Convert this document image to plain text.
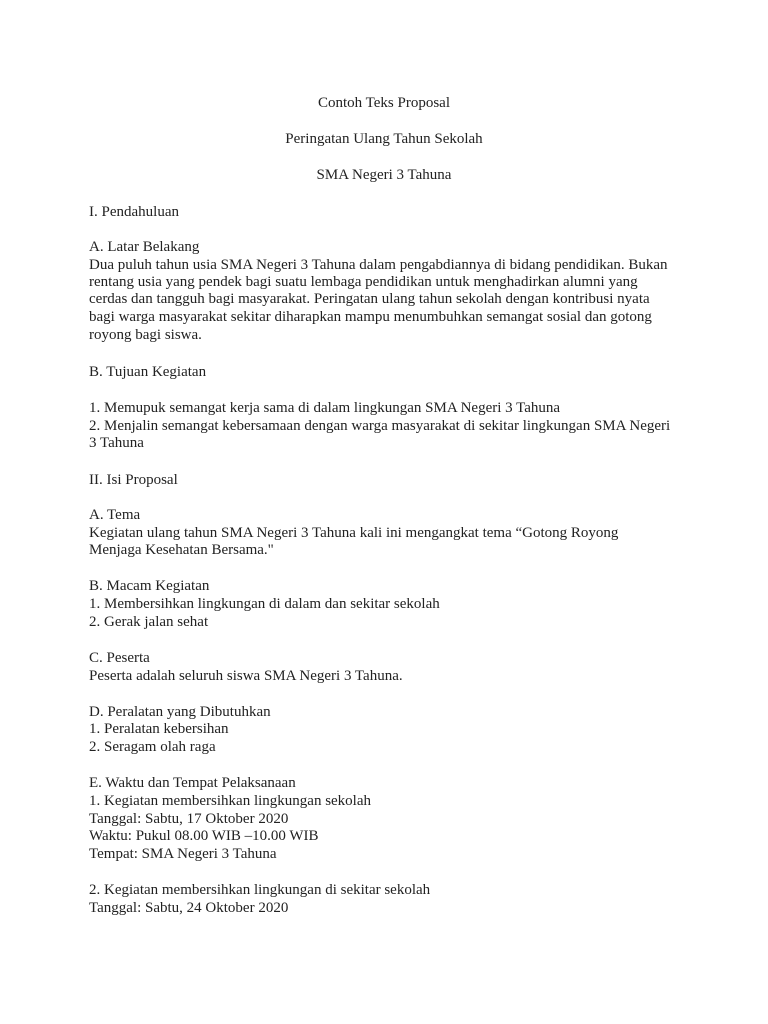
Contoh Teks Proposal
Peringatan Ulang Tahun Sekolah
SMA Negeri 3 Tahuna
I. Pendahuluan
A. Latar Belakang
Dua puluh tahun usia SMA Negeri 3 Tahuna dalam pengabdiannya di bidang pendidikan. Bukan
rentang usia yang pendek bagi suatu lembaga pendidikan untuk menghadirkan alumni yang
cerdas dan tangguh bagi masyarakat. Peringatan ulang tahun sekolah dengan kontribusi nyata
bagi warga masyarakat sekitar diharapkan mampu menumbuhkan semangat sosial dan gotong
royong bagi siswa.
B. Tujuan Kegiatan
1. Memupuk semangat kerja sama di dalam lingkungan SMA Negeri 3 Tahuna
2. Menjalin semangat kebersamaan dengan warga masyarakat di sekitar lingkungan SMA Negeri
3 Tahuna
II. Isi Proposal
A. Tema
Kegiatan ulang tahun SMA Negeri 3 Tahuna kali ini mengangkat tema “Gotong Royong
Menjaga Kesehatan Bersama."
B. Macam Kegiatan
1. Membersihkan lingkungan di dalam dan sekitar sekolah
2. Gerak jalan sehat
C. Peserta
Peserta adalah seluruh siswa SMA Negeri 3 Tahuna.
D. Peralatan yang Dibutuhkan
1. Peralatan kebersihan
2. Seragam olah raga
E. Waktu dan Tempat Pelaksanaan
1. Kegiatan membersihkan lingkungan sekolah
Tanggal: Sabtu, 17 Oktober 2020
Waktu: Pukul 08.00 WIB –10.00 WIB
Tempat: SMA Negeri 3 Tahuna
2. Kegiatan membersihkan lingkungan di sekitar sekolah
Tanggal: Sabtu, 24 Oktober 2020
